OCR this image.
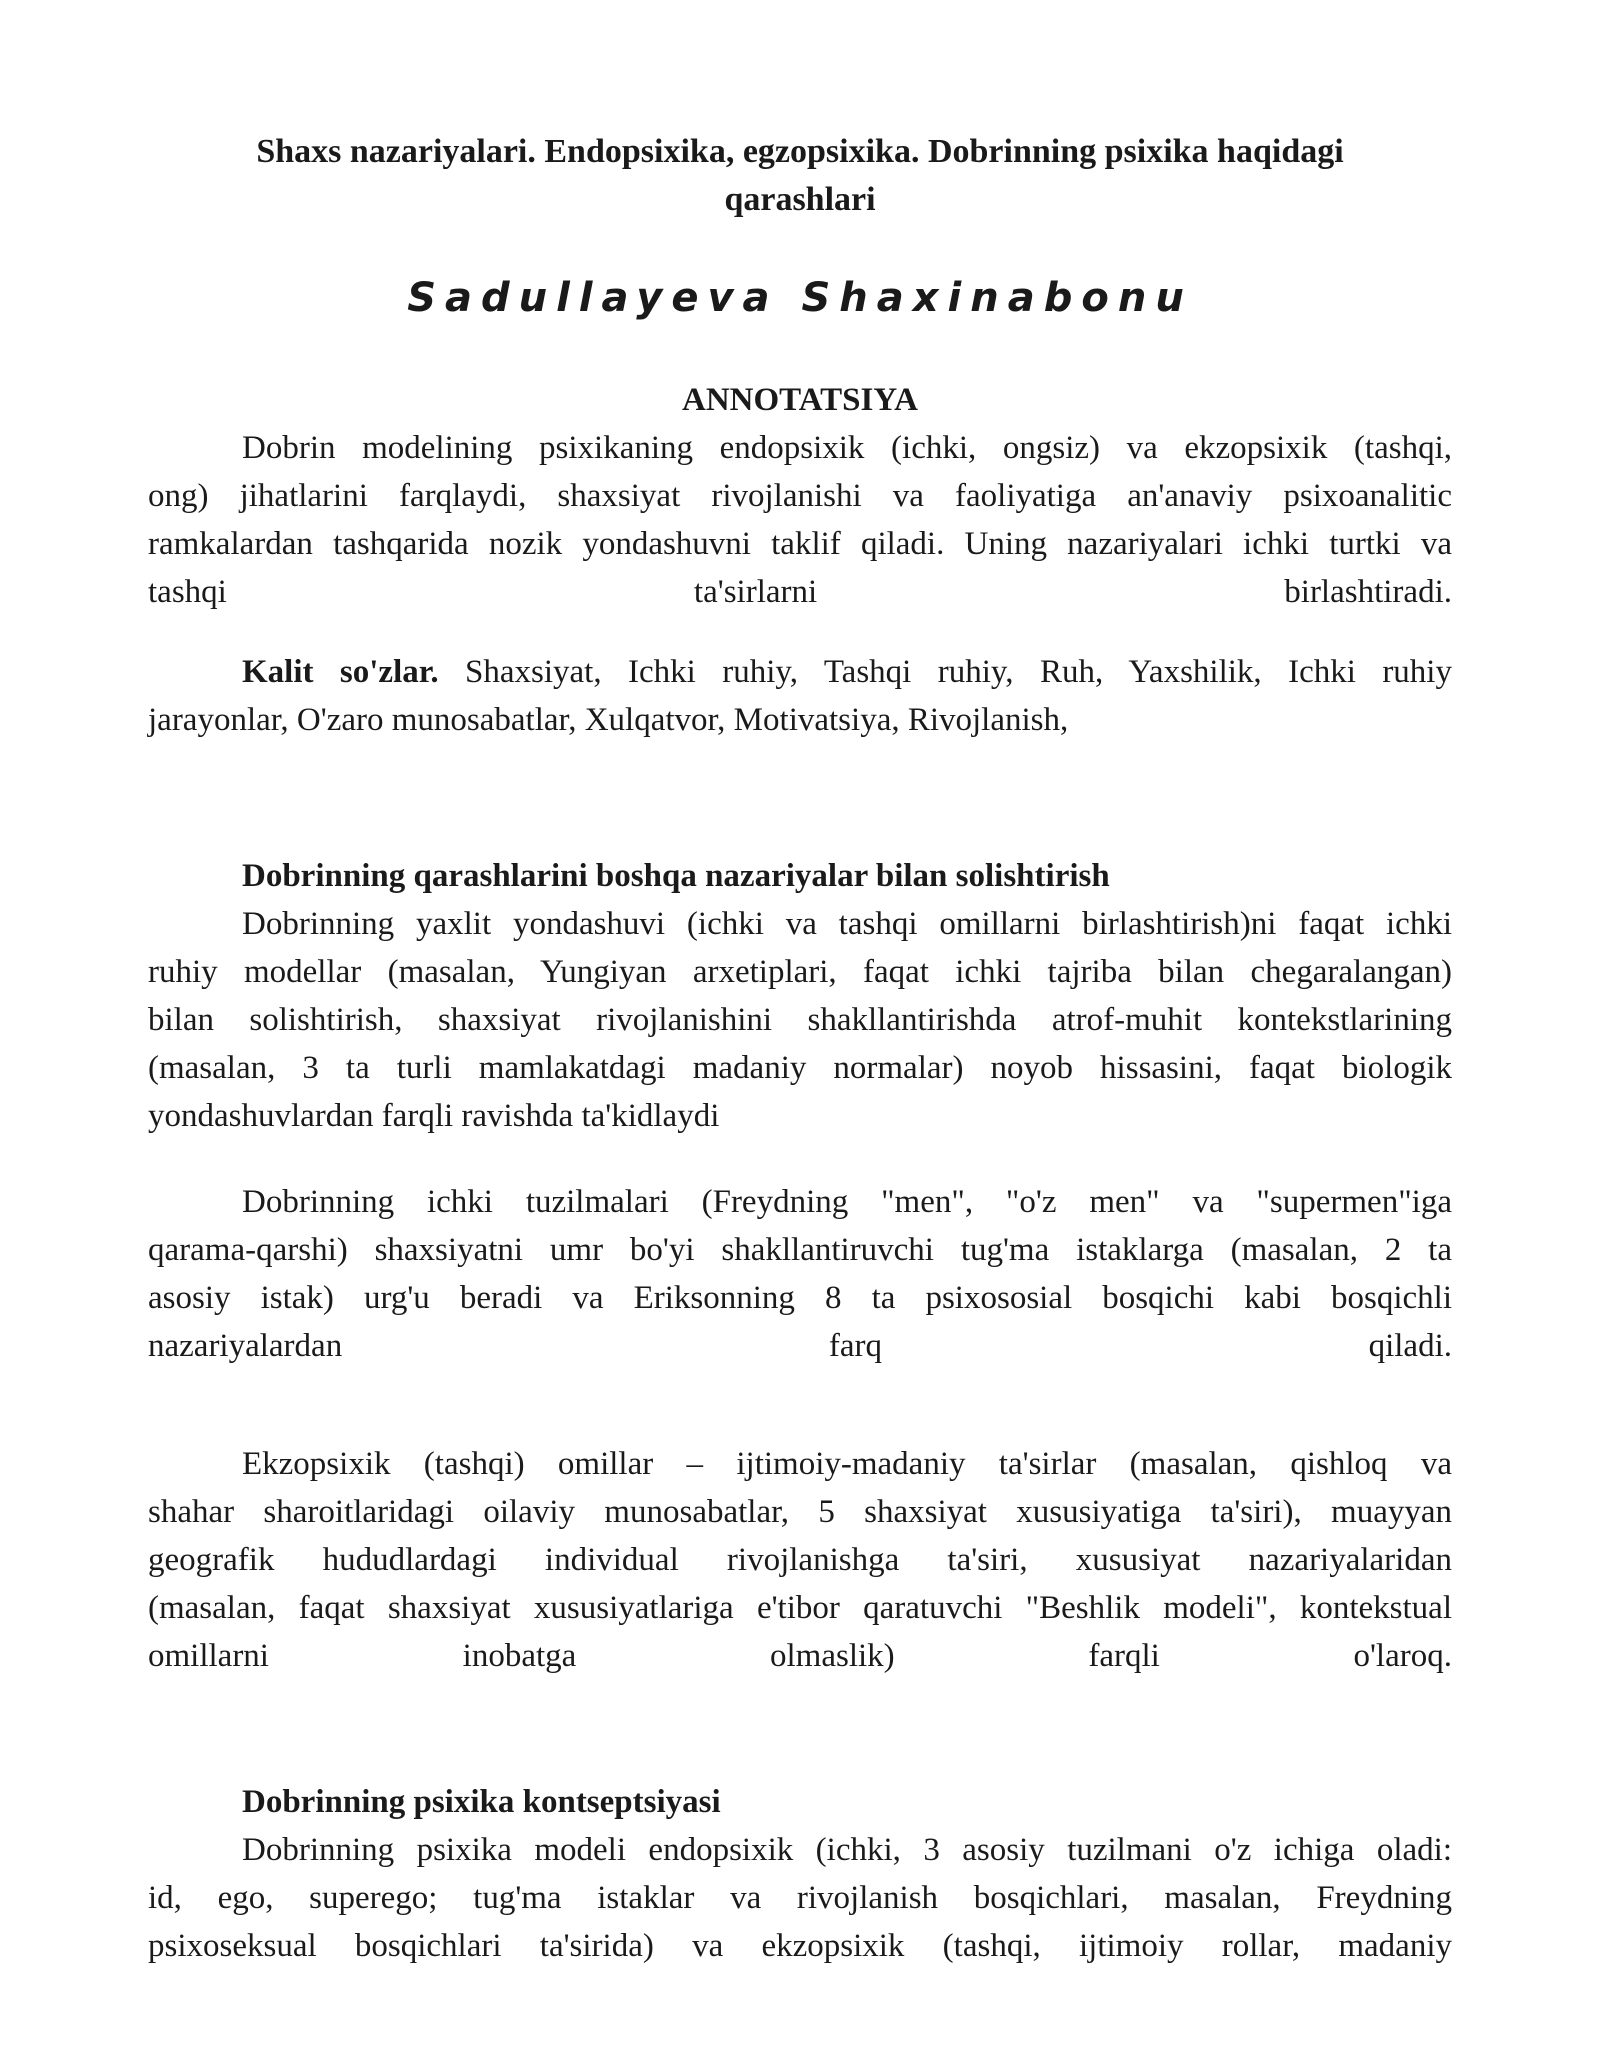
Shaxs nazariyalari. Endopsixika, egzopsixika. Dobrinning psixika haqidagi
qarashlari
Sadullayeva Shaxinabonu
ANNOTATSIYA
Dobrin modelining psixikaning endopsixik (ichki, ongsiz) va ekzopsixik (tashqi,
ong) jihatlarini farqlaydi, shaxsiyat rivojlanishi va faoliyatiga an'anaviy psixoanalitic
ramkalardan tashqarida nozik yondashuvni taklif qiladi. Uning nazariyalari ichki turtki va
tashqi ta'sirlarni birlashtiradi.
Kalit so'zlar. Shaxsiyat, Ichki ruhiy, Tashqi ruhiy, Ruh, Yaxshilik, Ichki ruhiy
jarayonlar, O'zaro munosabatlar, Xulqatvor, Motivatsiya, Rivojlanish,
Dobrinning qarashlarini boshqa nazariyalar bilan solishtirish
Dobrinning yaxlit yondashuvi (ichki va tashqi omillarni birlashtirish)ni faqat ichki
ruhiy modellar (masalan, Yungiyan arxetiplari, faqat ichki tajriba bilan chegaralangan)
bilan solishtirish, shaxsiyat rivojlanishini shakllantirishda atrof-muhit kontekstlarining
(masalan, 3 ta turli mamlakatdagi madaniy normalar) noyob hissasini, faqat biologik
yondashuvlardan farqli ravishda ta'kidlaydi
Dobrinning ichki tuzilmalari (Freydning "men", "o'z men" va "supermen"iga
qarama-qarshi) shaxsiyatni umr bo'yi shakllantiruvchi tug'ma istaklarga (masalan, 2 ta
asosiy istak) urg'u beradi va Eriksonning 8 ta psixososial bosqichi kabi bosqichli
nazariyalardan farq qiladi.
Ekzopsixik (tashqi) omillar – ijtimoiy-madaniy ta'sirlar (masalan, qishloq va
shahar sharoitlaridagi oilaviy munosabatlar, 5 shaxsiyat xususiyatiga ta'siri), muayyan
geografik hududlardagi individual rivojlanishga ta'siri, xususiyat nazariyalaridan
(masalan, faqat shaxsiyat xususiyatlariga e'tibor qaratuvchi "Beshlik modeli", kontekstual
omillarni inobatga olmaslik) farqli o'laroq.
Dobrinning psixika kontseptsiyasi
Dobrinning psixika modeli endopsixik (ichki, 3 asosiy tuzilmani o'z ichiga oladi:
id, ego, superego; tug'ma istaklar va rivojlanish bosqichlari, masalan, Freydning
psixoseksual bosqichlari ta'sirida) va ekzopsixik (tashqi, ijtimoiy rollar, madaniy
